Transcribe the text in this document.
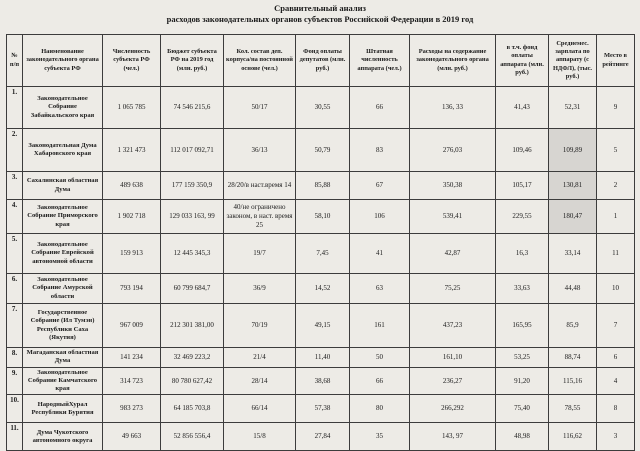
Сравнительный анализ
расходов законодательных органов субъектов Российской Федерации в 2019 год
№ п/п	Наименование законодательного органа субъекта РФ	Численность субъекта РФ (чел.)	Бюджет субъекта РФ на 2019 год (млн. руб.)	Кол. состав деп. корпуса/на постоянной основе (чел.)	Фонд оплаты депутатов (млн. руб.)	Штатная численность аппарата (чел.)	Расходы на содержание законодательного органа (млн. руб.)	в т.ч. фонд оплаты аппарата (млн. руб.)	Среднемес. зарплата по аппарату (с НДФЛ), (тыс. руб.)	Место в рейтинге
1.	Законодательное Собрание Забайкальского края	1 065 785	74 546 215,6	50/17	30,55	66	136, 33	41,43	52,31	9
2.	Законодательная Дума Хабаровского края	1 321 473	112 017 092,71	36/13	50,79	83	276,03	109,46	109,89	5
3.	Сахалинская областная Дума	489 638	177 159 350,9	28/20/в наст.время 14	85,88	67	350,38	105,17	130,81	2
4.	Законодательное Собрание Приморского края	1 902 718	129 033 163, 99	40/не ограничено законом, в наст. время 25	58,10	106	539,41	229,55	180,47	1
5.	Законодательное Собрание Еврейской автономной области	159 913	12 445 345,3	19/7	7,45	41	42,87	16,3	33,14	11
6.	Законодательное Собрание Амурской области	793 194	60 799 684,7	36/9	14,52	63	75,25	33,63	44,48	10
7.	Государственное Собрание (Ил Тумэн) Республики Саха (Якутия)	967 009	212 301 381,00	70/19	49,15	161	437,23	165,95	85,9	7
8.	Магаданская областная Дума	141 234	32 469 223,2	21/4	11,40	50	161,10	53,25	88,74	6
9.	Законодательное Собрание Камчатского края	314 723	80 780 627,42	28/14	38,68	66	236,27	91,20	115,16	4
10.	НародныйХурал Республики Бурятия	983 273	64 185 703,8	66/14	57,38	80	266,292	75,40	78,55	8
11.	Дума Чукотского автономного округа	49 663	52 856 556,4	15/8	27,84	35	143, 97	48,98	116,62	3
